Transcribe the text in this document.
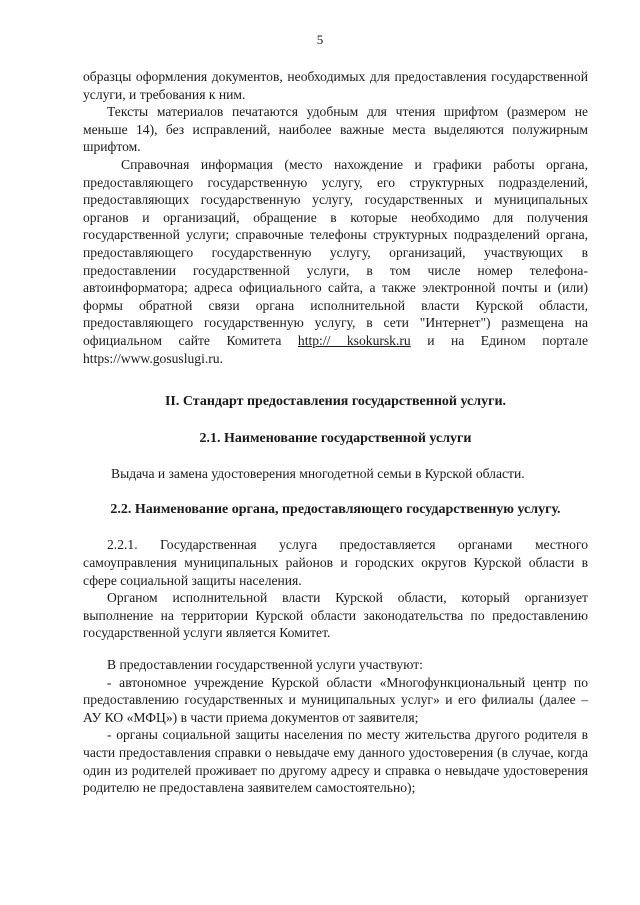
5

образцы оформления документов, необходимых для предоставления государственной услуги, и требования к ним.

Тексты материалов печатаются удобным для чтения шрифтом (размером не меньше 14), без исправлений, наиболее важные места выделяются полужирным шрифтом.

Справочная информация (место нахождение и графики работы органа, предоставляющего государственную услугу, его структурных подразделений, предоставляющих государственную услугу, государственных и муниципальных органов и организаций, обращение в которые необходимо для получения государственной услуги; справочные телефоны структурных подразделений органа, предоставляющего государственную услугу, организаций, участвующих в предоставлении государственной услуги, в том числе номер телефона-автоинформатора; адреса официального сайта, а также электронной почты и (или) формы обратной связи органа исполнительной власти Курской области, предоставляющего государственную услугу, в сети "Интернет") размещена на официальном сайте Комитета http:// ksokursk.ru и на Едином портале https://www.gosuslugi.ru.

II. Стандарт предоставления государственной услуги.

2.1. Наименование государственной услуги

Выдача и замена удостоверения многодетной семьи в Курской области.

2.2. Наименование органа, предоставляющего государственную услугу.

2.2.1. Государственная услуга предоставляется органами местного самоуправления муниципальных районов и городских округов Курской области в сфере социальной защиты населения.

Органом исполнительной власти Курской области, который организует выполнение на территории Курской области законодательства по предоставлению государственной услуги является Комитет.

В предоставлении государственной услуги участвуют:

- автономное учреждение Курской области «Многофункциональный центр по предоставлению государственных и муниципальных услуг» и его филиалы (далее – АУ КО «МФЦ») в части приема документов от заявителя;

- органы социальной защиты населения по месту жительства другого родителя в части предоставления справки о невыдаче ему данного удостоверения (в случае, когда один из родителей проживает по другому адресу и справка о невыдаче удостоверения родителю не предоставлена заявителем самостоятельно);
